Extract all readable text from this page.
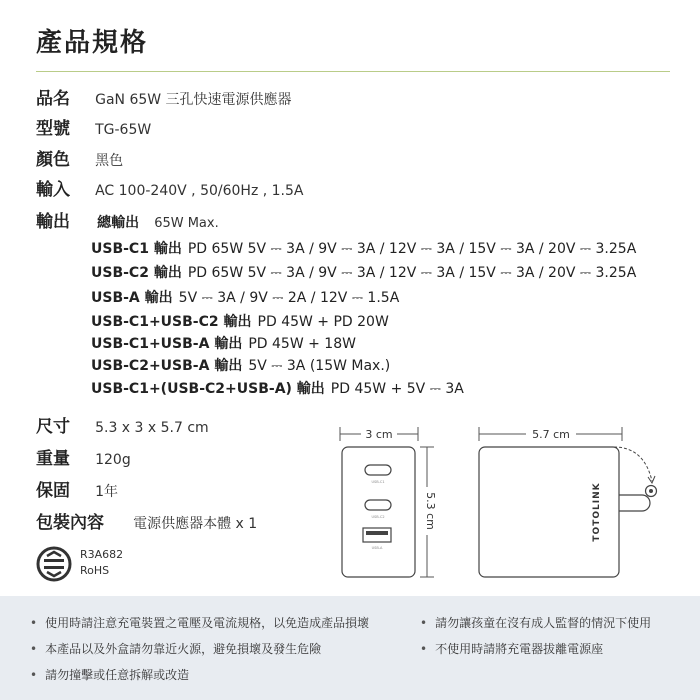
產品規格
品名 GaN 65W 三孔快速電源供應器
型號 TG-65W
顏色 黑色
輸入 AC 100-240V , 50/60Hz , 1.5A
輸出 總輸出 65W Max.
USB-C1 輸出 PD 65W 5V ⎓ 3A / 9V ⎓ 3A / 12V ⎓ 3A / 15V ⎓ 3A / 20V ⎓ 3.25A
USB-C2 輸出 PD 65W 5V ⎓ 3A / 9V ⎓ 3A / 12V ⎓ 3A / 15V ⎓ 3A / 20V ⎓ 3.25A
USB-A 輸出 5V ⎓ 3A / 9V ⎓ 2A / 12V ⎓ 1.5A
USB-C1+USB-C2 輸出 PD 45W + PD 20W
USB-C1+USB-A 輸出 PD 45W + 18W
USB-C2+USB-A 輸出 5V ⎓ 3A (15W Max.)
USB-C1+(USB-C2+USB-A) 輸出 PD 45W + 5V ⎓ 3A
尺寸 5.3 x 3 x 5.7 cm
重量 120g
保固 1年
包裝內容 電源供應器本體 x 1
R3A682
RoHS
3 cm
USB-C1
USB-C2
USB-A
5.3 cm
5.7 cm
TOTOLINK
• 使用時請注意充電裝置之電壓及電流規格，以免造成產品損壞	• 請勿讓孩童在沒有成人監督的情況下使用
• 本產品以及外盒請勿靠近火源，避免損壞及發生危險	• 不使用時請將充電器拔離電源座
• 請勿撞擊或任意拆解或改造
